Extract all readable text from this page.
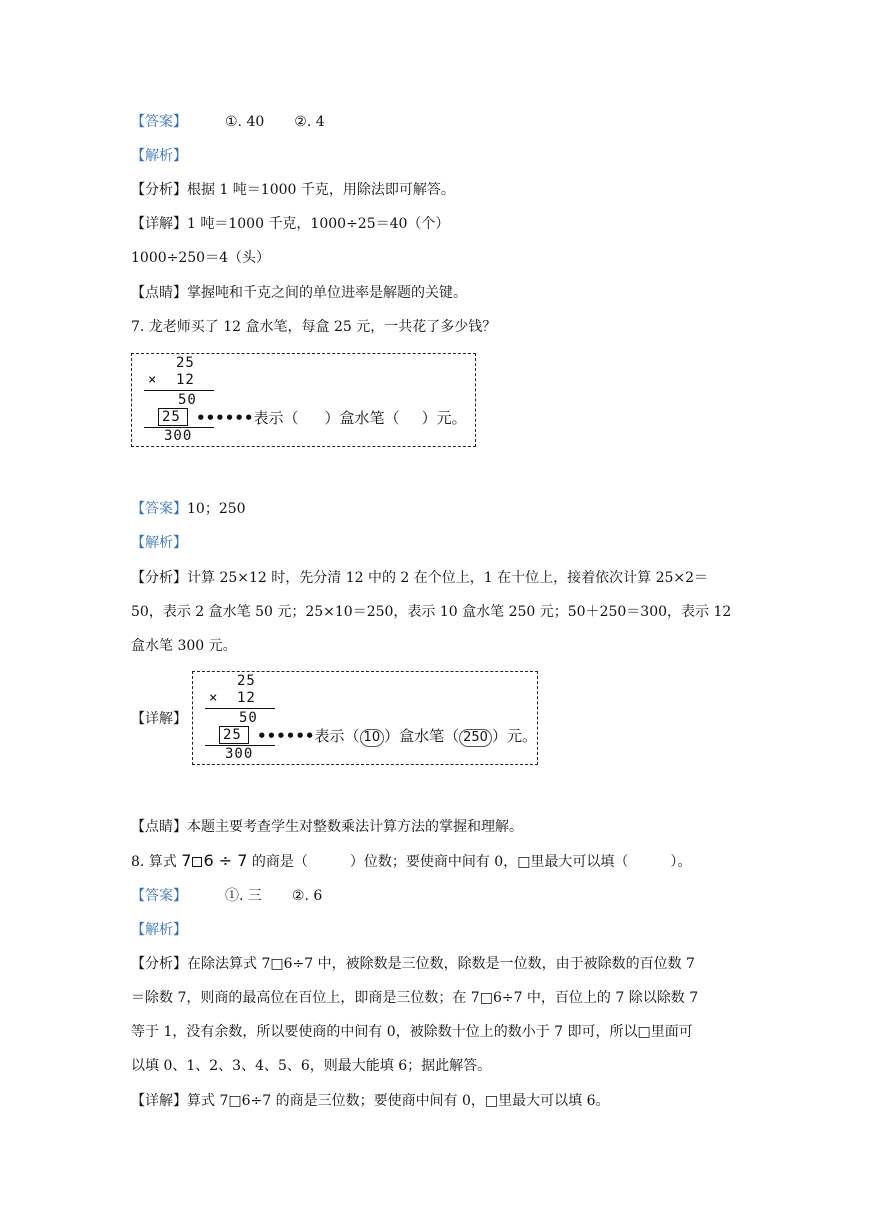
【答案】	①. 40 ②. 4
【解析】
【分析】根据 1 吨＝1000 千克，用除法即可解答。
【详解】1 吨＝1000 千克，1000÷25＝40（个）
1000÷250＝4（头）
【点睛】掌握吨和千克之间的单位进率是解题的关键。
7. 龙老师买了 12 盒水笔，每盒 25 元，一共花了多少钱？
25
× 12
50
25 ••••••表示（ ）盒水笔（ ）元。
300
【答案】10；250
【解析】
【分析】计算 25×12 时，先分清 12 中的 2 在个位上，1 在十位上，接着依次计算 25×2＝
50，表示 2 盒水笔 50 元；25×10＝250，表示 10 盒水笔 250 元；50＋250＝300，表示 12
盒水笔 300 元。
【详解】
25
× 12
50
25 ••••••表示（ 10 ）盒水笔（ 250 ）元。
300
【点睛】本题主要考查学生对整数乘法计算方法的掌握和理解。
8. 算式 7 6 ÷ 7 的商是（　　　）位数；要使商中间有 0，□里最大可以填（　　　）。
【答案】	①. 三 ②. 6
【解析】
【分析】在除法算式 7□6÷7 中，被除数是三位数，除数是一位数，由于被除数的百位数 7
＝除数 7，则商的最高位在百位上，即商是三位数；在 7□6÷7 中，百位上的 7 除以除数 7
等于 1，没有余数，所以要使商的中间有 0，被除数十位上的数小于 7 即可，所以□里面可
以填 0、1、2、3、4、5、6，则最大能填 6；据此解答。
【详解】算式 7□6÷7 的商是三位数；要使商中间有 0，□里最大可以填 6。
